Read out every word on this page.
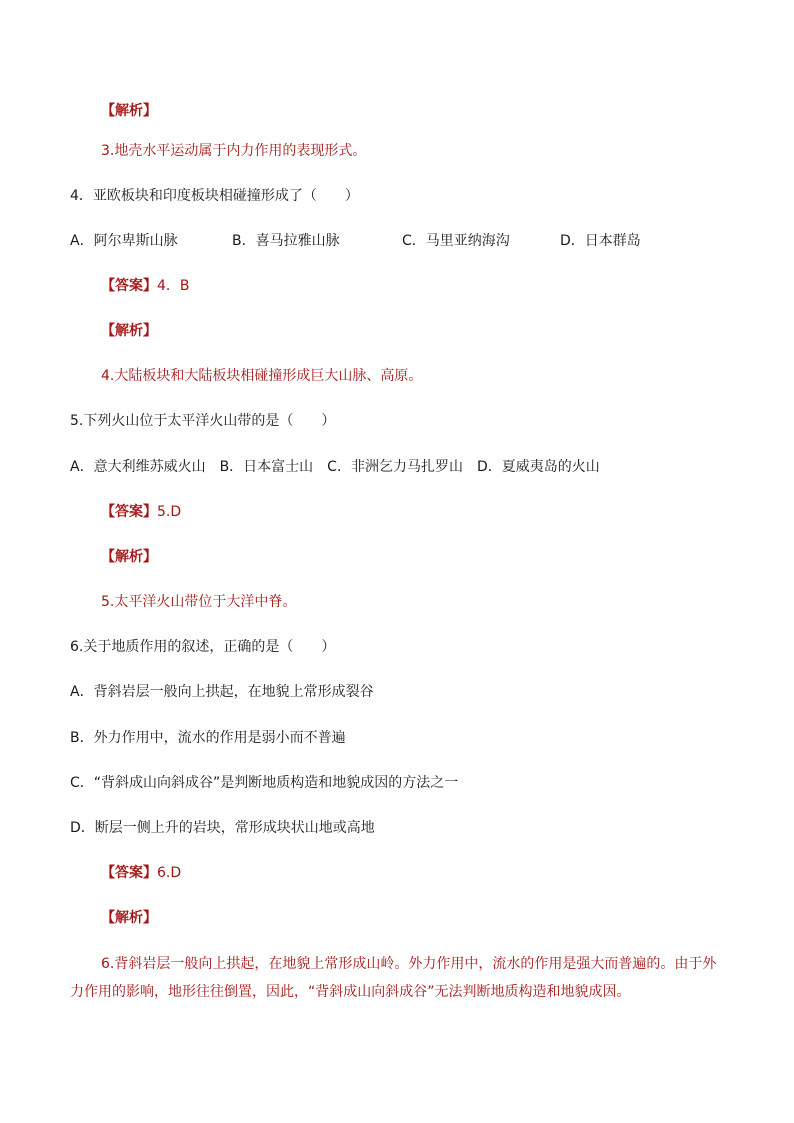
【解析】
3.地壳水平运动属于内力作用的表现形式。
4．亚欧板块和印度板块相碰撞形成了（　　）
A．阿尔卑斯山脉	B．喜马拉雅山脉	C．马里亚纳海沟	D．日本群岛
【答案】4．B
【解析】
4.大陆板块和大陆板块相碰撞形成巨大山脉、高原。
5.下列火山位于太平洋火山带的是（　　）
A．意大利维苏威火山　B．日本富士山　C．非洲乞力马扎罗山　D．夏威夷岛的火山
【答案】5.D
【解析】
5.太平洋火山带位于大洋中脊。
6.关于地质作用的叙述，正确的是（　　）
A．背斜岩层一般向上拱起，在地貌上常形成裂谷
B．外力作用中，流水的作用是弱小而不普遍
C．“背斜成山向斜成谷”是判断地质构造和地貌成因的方法之一
D．断层一侧上升的岩块，常形成块状山地或高地
【答案】6.D
【解析】
6.背斜岩层一般向上拱起，在地貌上常形成山岭。外力作用中，流水的作用是强大而普遍的。由于外
力作用的影响，地形往往倒置，因此，“背斜成山向斜成谷”无法判断地质构造和地貌成因。
